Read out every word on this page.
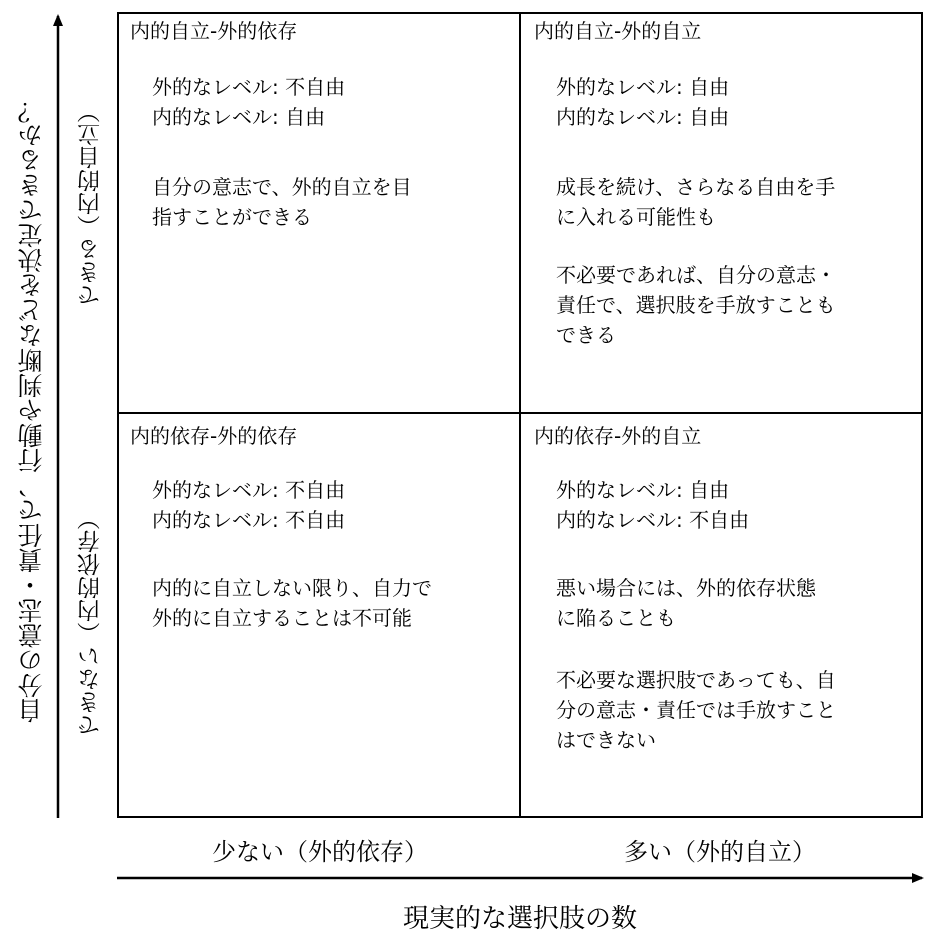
内的自立-外的依存
外的なレベル: 不自由
内的なレベル: 自由
自分の意志で、外的自立を目
指すことができる
内的自立-外的自立
外的なレベル: 自由
内的なレベル: 自由
成長を続け、さらなる自由を手
に入れる可能性も
不必要であれば、自分の意志・
責任で、選択肢を手放すことも
できる
内的依存-外的依存
外的なレベル: 不自由
内的なレベル: 不自由
内的に自立しない限り、自力で
外的に自立することは不可能
内的依存-外的自立
外的なレベル: 自由
内的なレベル: 不自由
悪い場合には、外的依存状態
に陥ることも
不必要な選択肢であっても、自
分の意志・責任では手放すこと
はできない
自分の意志・責任で、行動や判断などを決定できるか？ できる（内的自立）
できない（内的依存）
少ない（外的依存）	多い（外的自立）
現実的な選択肢の数
